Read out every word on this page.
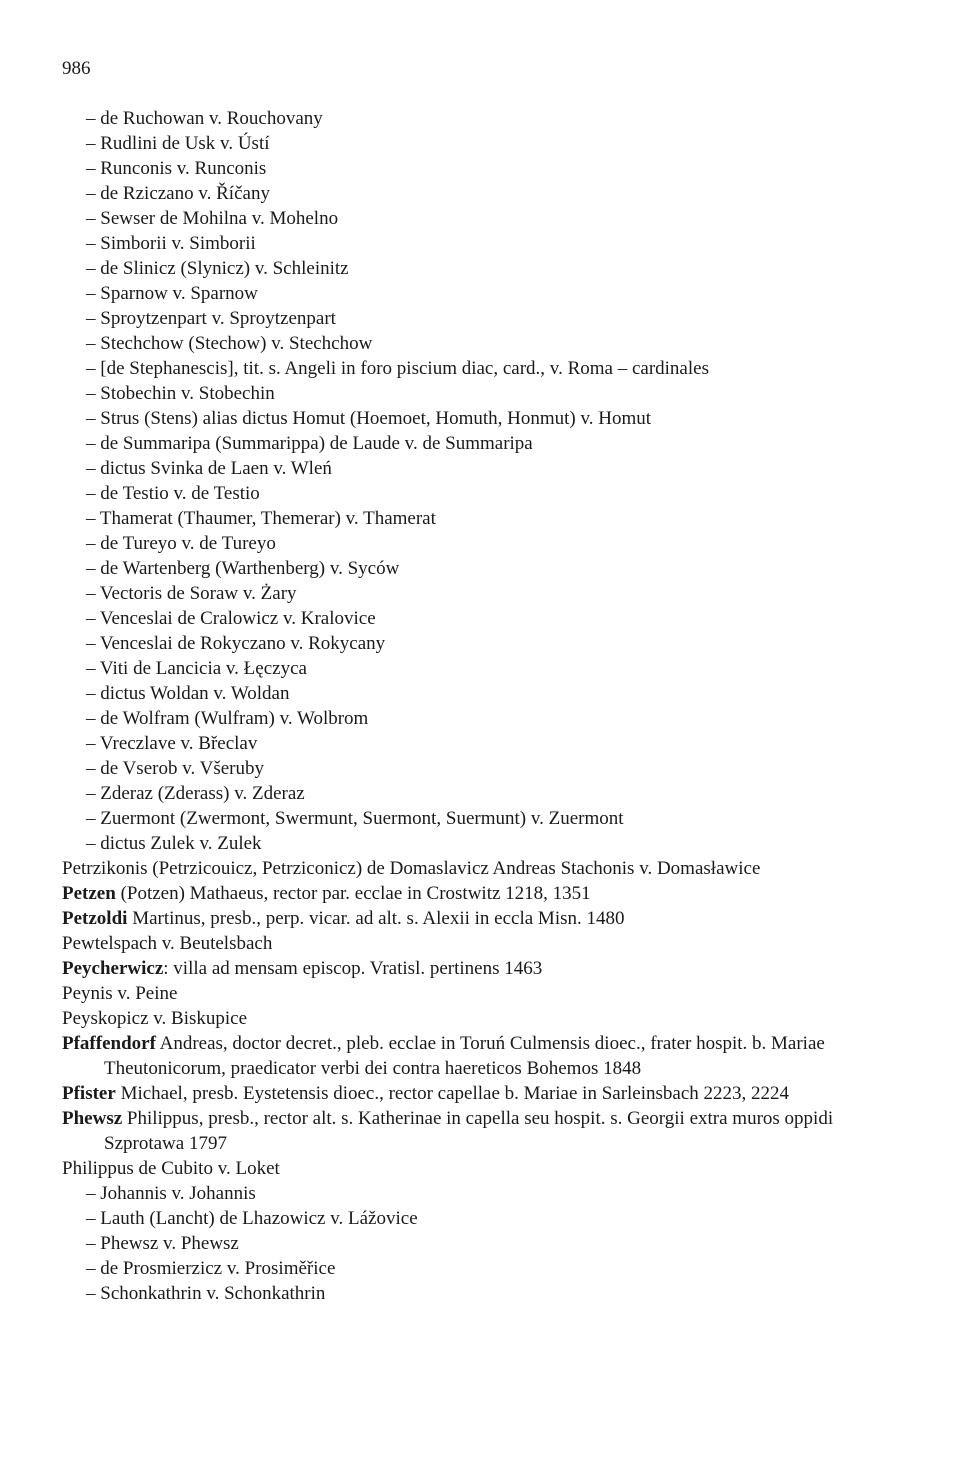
986
– de Ruchowan v. Rouchovany
– Rudlini de Usk v. Ústí
– Runconis v. Runconis
– de Rziczano v. Říčany
– Sewser de Mohilna v. Mohelno
– Simborii v. Simborii
– de Slinicz (Slynicz) v. Schleinitz
– Sparnow v. Sparnow
– Sproytzenpart v. Sproytzenpart
– Stechchow (Stechow) v. Stechchow
– [de Stephanescis], tit. s. Angeli in foro piscium diac, card., v. Roma – cardinales
– Stobechin v. Stobechin
– Strus (Stens) alias dictus Homut (Hoemoet, Homuth, Honmut) v. Homut
– de Summaripa (Summarippa) de Laude v. de Summaripa
– dictus Svinka de Laen v. Wleń
– de Testio v. de Testio
– Thamerat (Thaumer, Themerar) v. Thamerat
– de Tureyo v. de Tureyo
– de Wartenberg (Warthenberg) v. Syców
– Vectoris de Soraw v. Żary
– Venceslai de Cralowicz v. Kralovice
– Venceslai de Rokyczano v. Rokycany
– Viti de Lancicia v. Łęczyca
– dictus Woldan v. Woldan
– de Wolfram (Wulfram) v. Wolbrom
– Vreczlave v. Břeclav
– de Vserob v. Všeruby
– Zderaz (Zderass) v. Zderaz
– Zuermont (Zwermont, Swermunt, Suermont, Suermunt) v. Zuermont
– dictus Zulek v. Zulek
Petrzikonis (Petrzicouicz, Petrziconicz) de Domaslavicz Andreas Stachonis v. Domasławice
Petzen (Potzen) Mathaeus, rector par. ecclae in Crostwitz 1218, 1351
Petzoldi Martinus, presb., perp. vicar. ad alt. s. Alexii in eccla Misn. 1480
Pewtelspach v. Beutelsbach
Peycherwicz: villa ad mensam episcop. Vratisl. pertinens 1463
Peynis v. Peine
Peyskopicz v. Biskupice
Pfaffendorf Andreas, doctor decret., pleb. ecclae in Toruń Culmensis dioec., frater hospit. b. Mariae Theutonicorum, praedicator verbi dei contra haereticos Bohemos 1848
Pfister Michael, presb. Eystetensis dioec., rector capellae b. Mariae in Sarleinsbach 2223, 2224
Phewsz Philippus, presb., rector alt. s. Katherinae in capella seu hospit. s. Georgii extra muros oppidi Szprotawa 1797
Philippus de Cubito v. Loket
– Johannis v. Johannis
– Lauth (Lancht) de Lhazowicz v. Lážovice
– Phewsz v. Phewsz
– de Prosmierzicz v. Prosiměřice
– Schonkathrin v. Schonkathrin
